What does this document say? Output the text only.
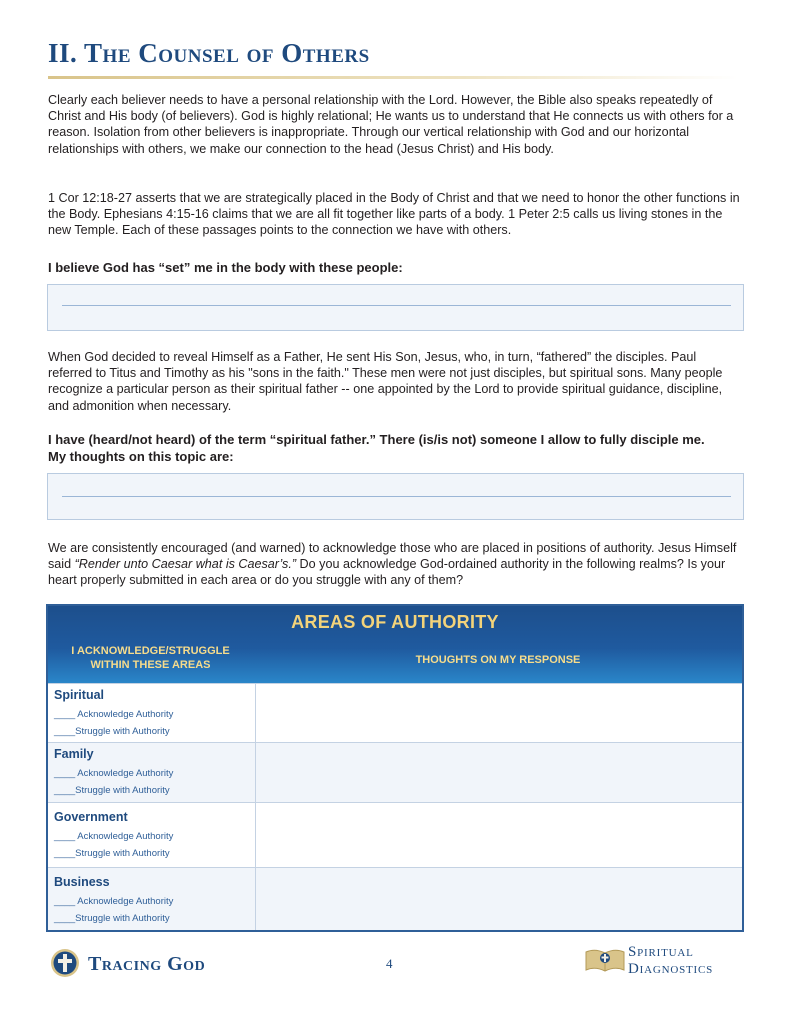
II. The Counsel of Others

Clearly each believer needs to have a personal relationship with the Lord. However, the Bible also speaks repeatedly of Christ and His body (of believers). God is highly relational; He wants us to understand that He connects us with others for a reason. Isolation from other believers is inappropriate. Through our vertical relationship with God and our horizontal relationships with others, we make our connection to the head (Jesus Christ) and His body.

1 Cor 12:18-27 asserts that we are strategically placed in the Body of Christ and that we need to honor the other functions in the Body. Ephesians 4:15-16 claims that we are all fit together like parts of a body. 1 Peter 2:5 calls us living stones in the new Temple. Each of these passages points to the connection we have with others.

I believe God has “set” me in the body with these people:

When God decided to reveal Himself as a Father, He sent His Son, Jesus, who, in turn, “fathered” the disciples. Paul referred to Titus and Timothy as his "sons in the faith." These men were not just disciples, but spiritual sons. Many people recognize a particular person as their spiritual father -- one appointed by the Lord to provide spiritual guidance, discipline, and admonition when necessary.

I have (heard/not heard) of the term “spiritual father.” There (is/is not) someone I allow to fully disciple me.
My thoughts on this topic are:

We are consistently encouraged (and warned) to acknowledge those who are placed in positions of authority. Jesus Himself said “Render unto Caesar what is Caesar’s.” Do you acknowledge God-ordained authority in the following realms? Is your heart properly submitted in each area or do you struggle with any of them?

AREAS OF AUTHORITY
I ACKNOWLEDGE/STRUGGLE WITHIN THESE AREAS	THOUGHTS ON MY RESPONSE
Spiritual
____ Acknowledge Authority
____Struggle with Authority
Family
____ Acknowledge Authority
____Struggle with Authority
Government
____ Acknowledge Authority
____Struggle with Authority
Business
____ Acknowledge Authority
____Struggle with Authority
Tracing God	4
Spiritual
Diagnostics
